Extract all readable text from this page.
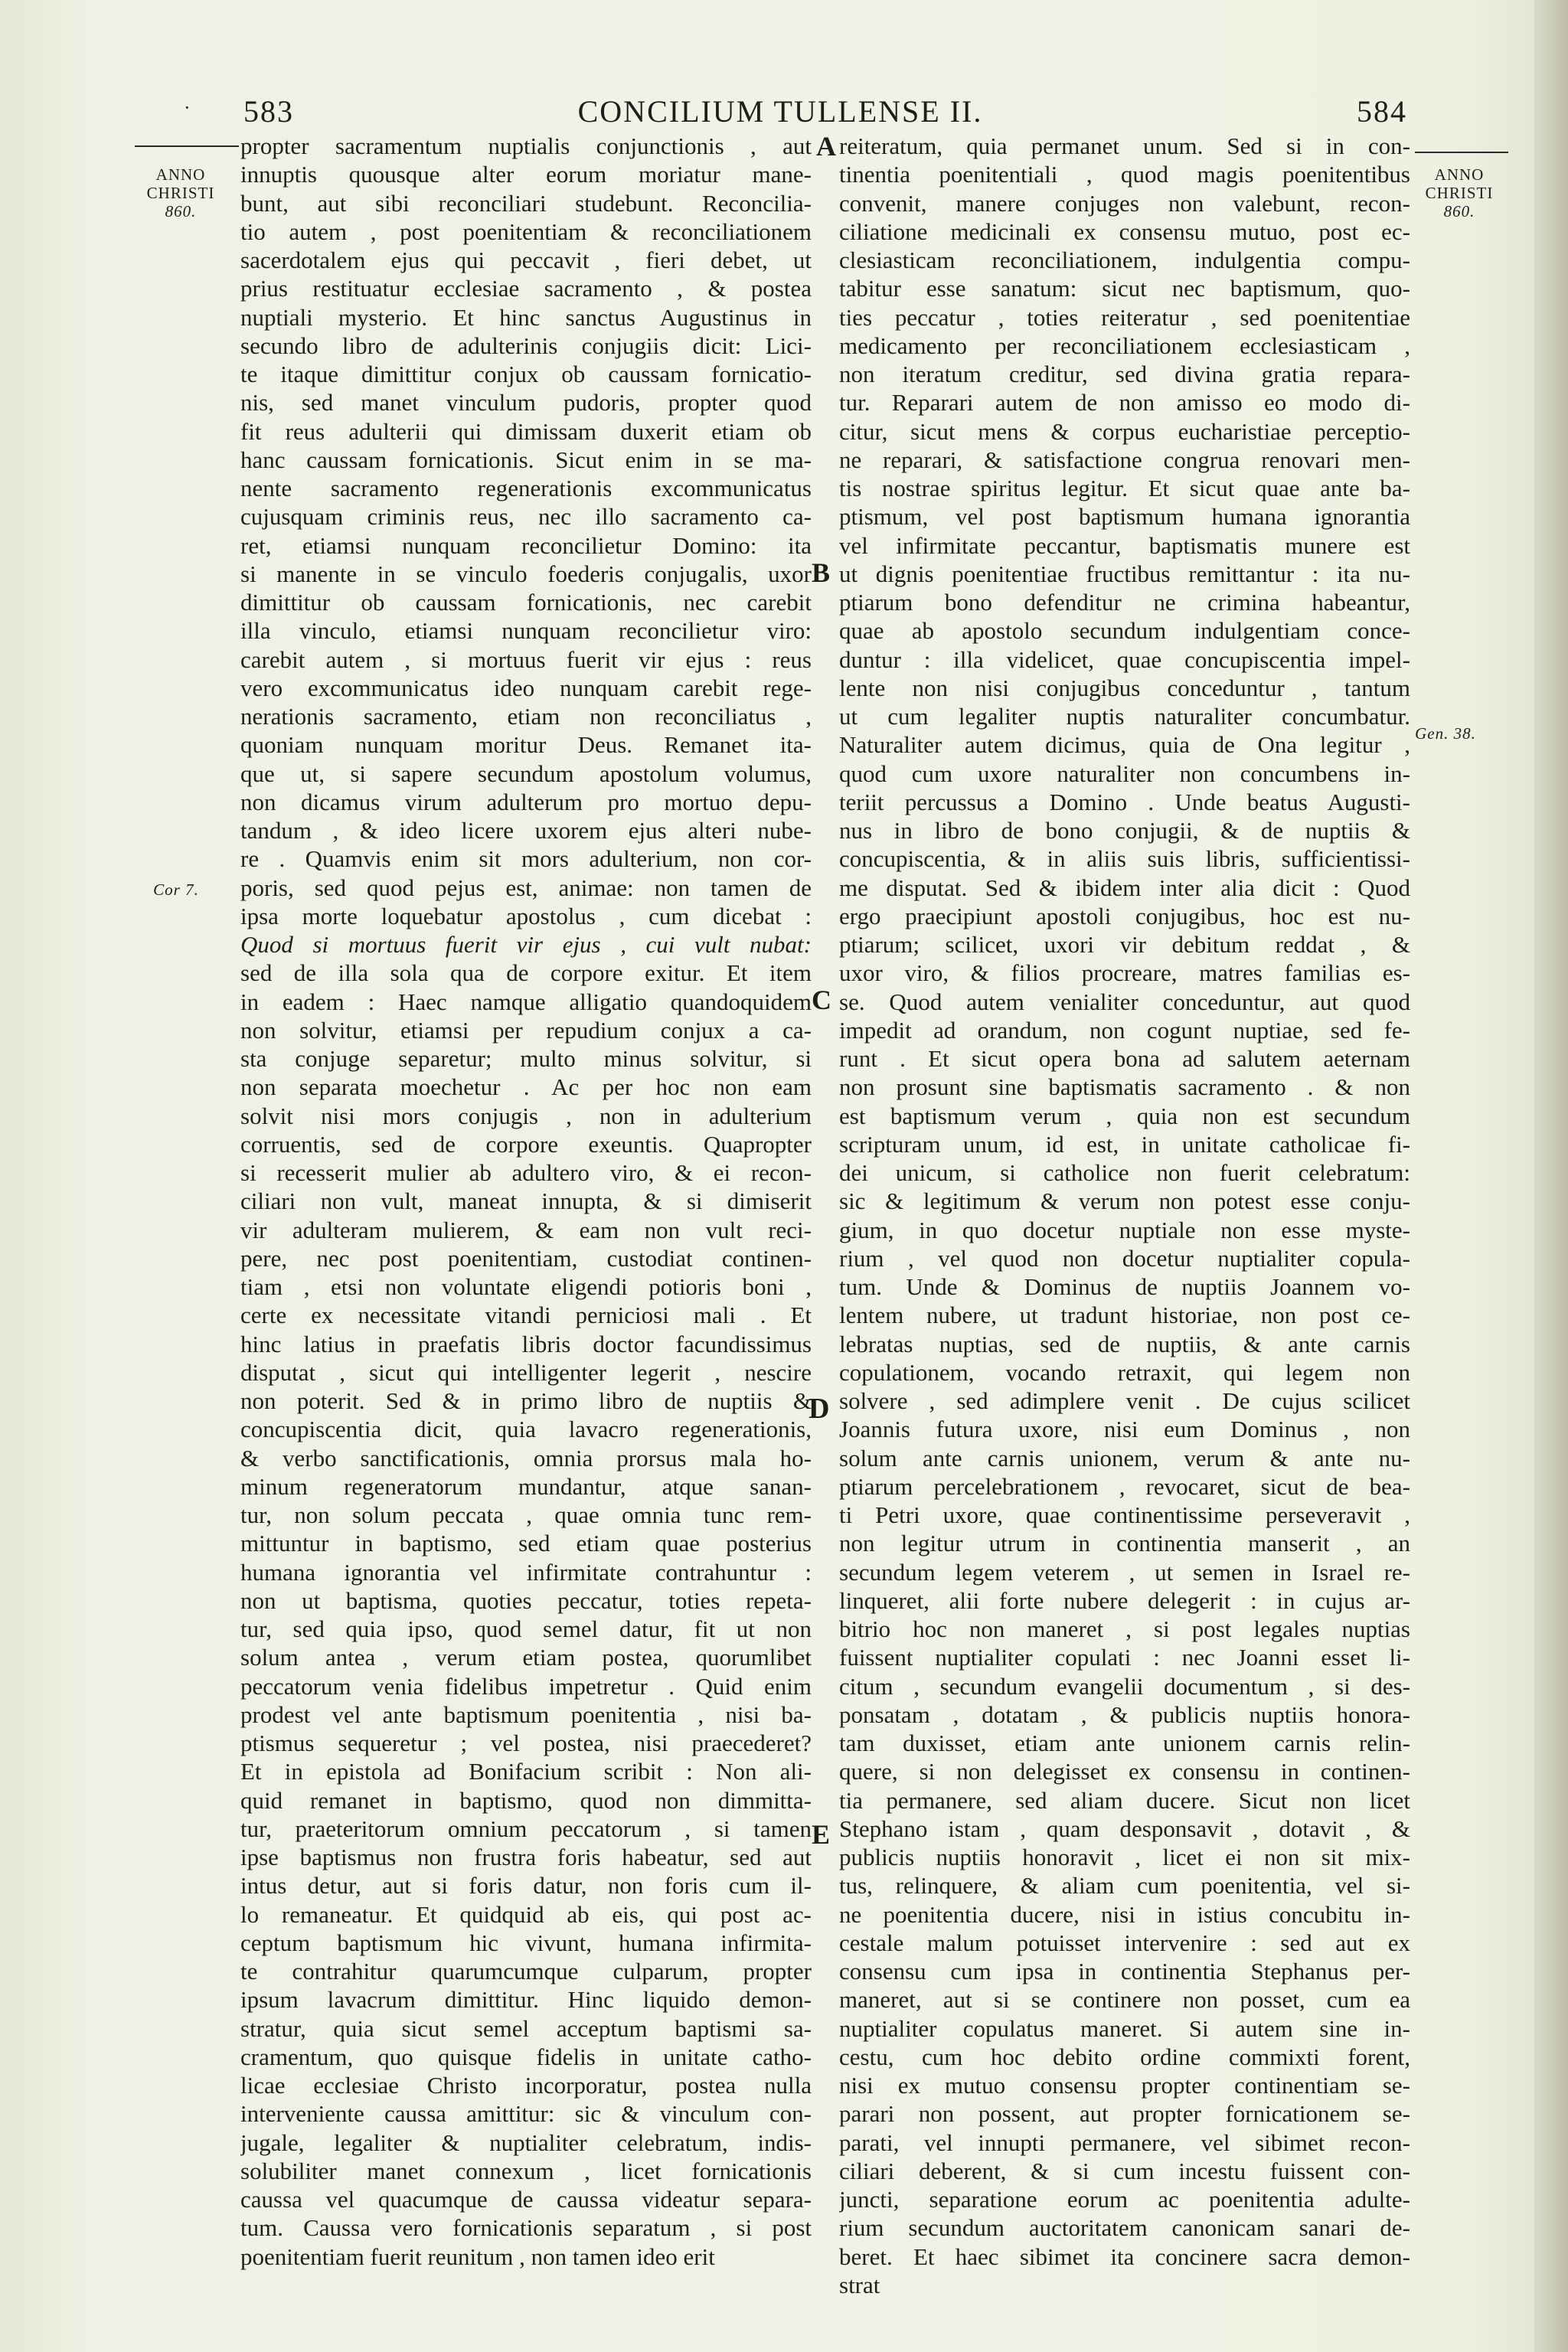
· 583	CONCILIUM TULLENSE II.	584
ANNO
CHRISTI
860.
ANNO
CHRISTI
860.
Cor 7.
Gen. 38.
A
B
C
D
E
propter sacramentum nuptialis conjunctionis , aut
innuptis quousque alter eorum moriatur mane-
bunt, aut sibi reconciliari studebunt. Reconcilia-
tio autem , post poenitentiam & reconciliationem
sacerdotalem ejus qui peccavit , fieri debet, ut
prius restituatur ecclesiae sacramento , & postea
nuptiali mysterio. Et hinc sanctus Augustinus in
secundo libro de adulterinis conjugiis dicit: Lici-
te itaque dimittitur conjux ob caussam fornicatio-
nis, sed manet vinculum pudoris, propter quod
fit reus adulterii qui dimissam duxerit etiam ob
hanc caussam fornicationis. Sicut enim in se ma-
nente sacramento regenerationis excommunicatus
cujusquam criminis reus, nec illo sacramento ca-
ret, etiamsi nunquam reconcilietur Domino: ita
si manente in se vinculo foederis conjugalis, uxor
dimittitur ob caussam fornicationis, nec carebit
illa vinculo, etiamsi nunquam reconcilietur viro:
carebit autem , si mortuus fuerit vir ejus : reus
vero excommunicatus ideo nunquam carebit rege-
nerationis sacramento, etiam non reconciliatus ,
quoniam nunquam moritur Deus. Remanet ita-
que ut, si sapere secundum apostolum volumus,
non dicamus virum adulterum pro mortuo depu-
tandum , & ideo licere uxorem ejus alteri nube-
re . Quamvis enim sit mors adulterium, non cor-
poris, sed quod pejus est, animae: non tamen de
ipsa morte loquebatur apostolus , cum dicebat :
Quod si mortuus fuerit vir ejus , cui vult nubat:
sed de illa sola qua de corpore exitur. Et item
in eadem : Haec namque alligatio quandoquidem
non solvitur, etiamsi per repudium conjux a ca-
sta conjuge separetur; multo minus solvitur, si
non separata moechetur . Ac per hoc non eam
solvit nisi mors conjugis , non in adulterium
corruentis, sed de corpore exeuntis. Quapropter
si recesserit mulier ab adultero viro, & ei recon-
ciliari non vult, maneat innupta, & si dimiserit
vir adulteram mulierem, & eam non vult reci-
pere, nec post poenitentiam, custodiat continen-
tiam , etsi non voluntate eligendi potioris boni ,
certe ex necessitate vitandi perniciosi mali . Et
hinc latius in praefatis libris doctor facundissimus
disputat , sicut qui intelligenter legerit , nescire
non poterit. Sed & in primo libro de nuptiis &
concupiscentia dicit, quia lavacro regenerationis,
& verbo sanctificationis, omnia prorsus mala ho-
minum regeneratorum mundantur, atque sanan-
tur, non solum peccata , quae omnia tunc rem-
mittuntur in baptismo, sed etiam quae posterius
humana ignorantia vel infirmitate contrahuntur :
non ut baptisma, quoties peccatur, toties repeta-
tur, sed quia ipso, quod semel datur, fit ut non
solum antea , verum etiam postea, quorumlibet
peccatorum venia fidelibus impetretur . Quid enim
prodest vel ante baptismum poenitentia , nisi ba-
ptismus sequeretur ; vel postea, nisi praecederet?
Et in epistola ad Bonifacium scribit : Non ali-
quid remanet in baptismo, quod non dimmitta-
tur, praeteritorum omnium peccatorum , si tamen
ipse baptismus non frustra foris habeatur, sed aut
intus detur, aut si foris datur, non foris cum il-
lo remaneatur. Et quidquid ab eis, qui post ac-
ceptum baptismum hic vivunt, humana infirmita-
te contrahitur quarumcumque culparum, propter
ipsum lavacrum dimittitur. Hinc liquido demon-
stratur, quia sicut semel acceptum baptismi sa-
cramentum, quo quisque fidelis in unitate catho-
licae ecclesiae Christo incorporatur, postea nulla
interveniente caussa amittitur: sic & vinculum con-
jugale, legaliter & nuptialiter celebratum, indis-
solubiliter manet connexum , licet fornicationis
caussa vel quacumque de caussa videatur separa-
tum. Caussa vero fornicationis separatum , si post
poenitentiam fuerit reunitum , non tamen ideo erit
reiteratum, quia permanet unum. Sed si in con-
tinentia poenitentiali , quod magis poenitentibus
convenit, manere conjuges non valebunt, recon-
ciliatione medicinali ex consensu mutuo, post ec-
clesiasticam reconciliationem, indulgentia compu-
tabitur esse sanatum: sicut nec baptismum, quo-
ties peccatur , toties reiteratur , sed poenitentiae
medicamento per reconciliationem ecclesiasticam ,
non iteratum creditur, sed divina gratia repara-
tur. Reparari autem de non amisso eo modo di-
citur, sicut mens & corpus eucharistiae perceptio-
ne reparari, & satisfactione congrua renovari men-
tis nostrae spiritus legitur. Et sicut quae ante ba-
ptismum, vel post baptismum humana ignorantia
vel infirmitate peccantur, baptismatis munere est
ut dignis poenitentiae fructibus remittantur : ita nu-
ptiarum bono defenditur ne crimina habeantur,
quae ab apostolo secundum indulgentiam conce-
duntur : illa videlicet, quae concupiscentia impel-
lente non nisi conjugibus conceduntur , tantum
ut cum legaliter nuptis naturaliter concumbatur.
Naturaliter autem dicimus, quia de Ona legitur ,
quod cum uxore naturaliter non concumbens in-
teriit percussus a Domino . Unde beatus Augusti-
nus in libro de bono conjugii, & de nuptiis &
concupiscentia, & in aliis suis libris, sufficientissi-
me disputat. Sed & ibidem inter alia dicit : Quod
ergo praecipiunt apostoli conjugibus, hoc est nu-
ptiarum; scilicet, uxori vir debitum reddat , &
uxor viro, & filios procreare, matres familias es-
se. Quod autem venialiter conceduntur, aut quod
impedit ad orandum, non cogunt nuptiae, sed fe-
runt . Et sicut opera bona ad salutem aeternam
non prosunt sine baptismatis sacramento . & non
est baptismum verum , quia non est secundum
scripturam unum, id est, in unitate catholicae fi-
dei unicum, si catholice non fuerit celebratum:
sic & legitimum & verum non potest esse conju-
gium, in quo docetur nuptiale non esse myste-
rium , vel quod non docetur nuptialiter copula-
tum. Unde & Dominus de nuptiis Joannem vo-
lentem nubere, ut tradunt historiae, non post ce-
lebratas nuptias, sed de nuptiis, & ante carnis
copulationem, vocando retraxit, qui legem non
solvere , sed adimplere venit . De cujus scilicet
Joannis futura uxore, nisi eum Dominus , non
solum ante carnis unionem, verum & ante nu-
ptiarum percelebrationem , revocaret, sicut de bea-
ti Petri uxore, quae continentissime perseveravit ,
non legitur utrum in continentia manserit , an
secundum legem veterem , ut semen in Israel re-
linqueret, alii forte nubere delegerit : in cujus ar-
bitrio hoc non maneret , si post legales nuptias
fuissent nuptialiter copulati : nec Joanni esset li-
citum , secundum evangelii documentum , si des-
ponsatam , dotatam , & publicis nuptiis honora-
tam duxisset, etiam ante unionem carnis relin-
quere, si non delegisset ex consensu in continen-
tia permanere, sed aliam ducere. Sicut non licet
Stephano istam , quam desponsavit , dotavit , &
publicis nuptiis honoravit , licet ei non sit mix-
tus, relinquere, & aliam cum poenitentia, vel si-
ne poenitentia ducere, nisi in istius concubitu in-
cestale malum potuisset intervenire : sed aut ex
consensu cum ipsa in continentia Stephanus per-
maneret, aut si se continere non posset, cum ea
nuptialiter copulatus maneret. Si autem sine in-
cestu, cum hoc debito ordine commixti forent,
nisi ex mutuo consensu propter continentiam se-
parari non possent, aut propter fornicationem se-
parati, vel innupti permanere, vel sibimet recon-
ciliari deberent, & si cum incestu fuissent con-
juncti, separatione eorum ac poenitentia adulte-
rium secundum auctoritatem canonicam sanari de-
beret. Et haec sibimet ita concinere sacra demon-
strat
